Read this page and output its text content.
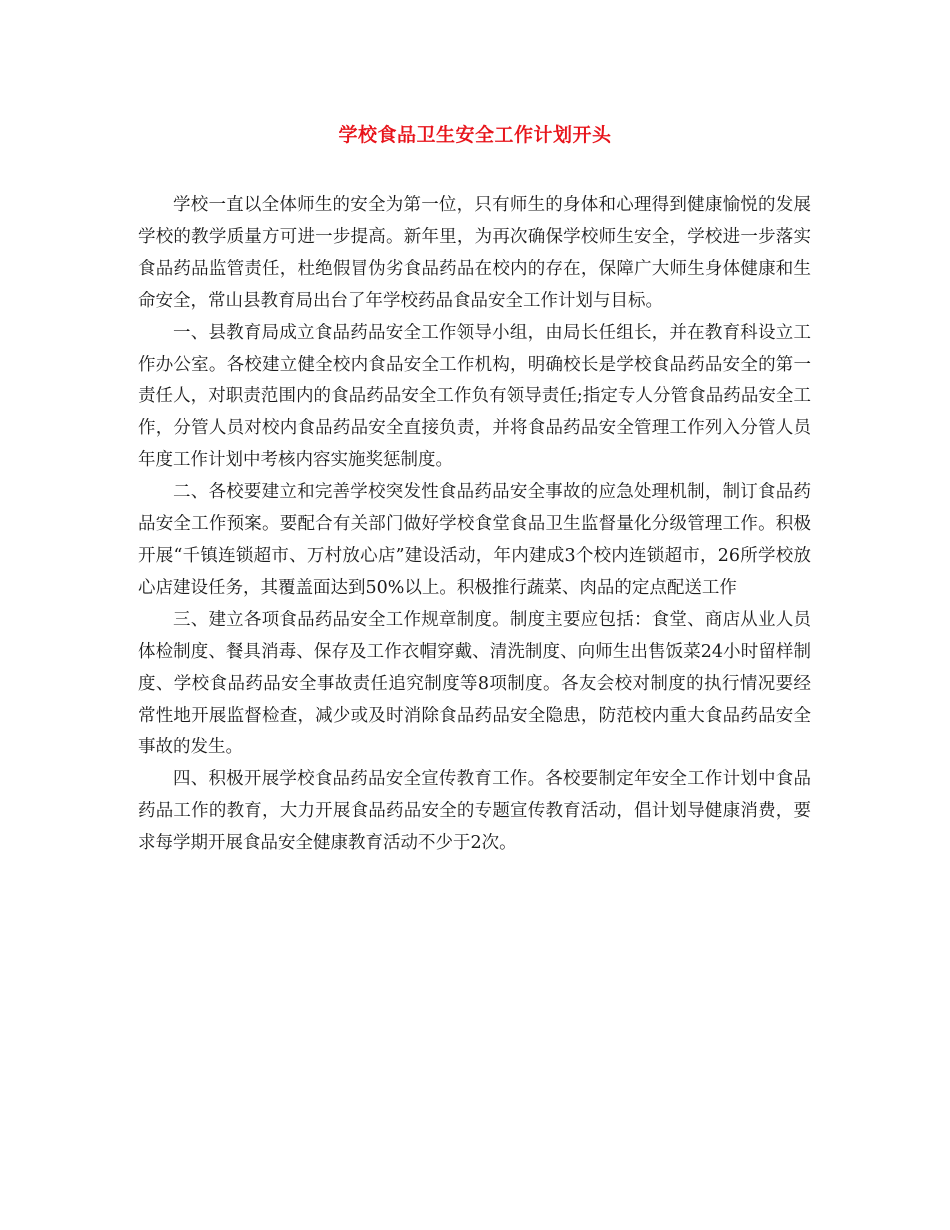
学校食品卫生安全工作计划开头

学校一直以全体师生的安全为第一位，只有师生的身体和心理得到健康愉悦的发展学校的教学质量方可进一步提高。新年里，为再次确保学校师生安全，学校进一步落实食品药品监管责任，杜绝假冒伪劣食品药品在校内的存在，保障广大师生身体健康和生命安全，常山县教育局出台了年学校药品食品安全工作计划与目标。

一、县教育局成立食品药品安全工作领导小组，由局长任组长，并在教育科设立工作办公室。各校建立健全校内食品安全工作机构，明确校长是学校食品药品安全的第一责任人，对职责范围内的食品药品安全工作负有领导责任;指定专人分管食品药品安全工作，分管人员对校内食品药品安全直接负责，并将食品药品安全管理工作列入分管人员年度工作计划中考核内容实施奖惩制度。

二、各校要建立和完善学校突发性食品药品安全事故的应急处理机制，制订食品药品安全工作预案。要配合有关部门做好学校食堂食品卫生监督量化分级管理工作。积极开展“千镇连锁超市、万村放心店”建设活动，年内建成3个校内连锁超市，26所学校放心店建设任务，其覆盖面达到50%以上。积极推行蔬菜、肉品的定点配送工作

三、建立各项食品药品安全工作规章制度。制度主要应包括：食堂、商店从业人员体检制度、餐具消毒、保存及工作衣帽穿戴、清洗制度、向师生出售饭菜24小时留样制度、学校食品药品安全事故责任追究制度等8项制度。各友会校对制度的执行情况要经常性地开展监督检查，减少或及时消除食品药品安全隐患，防范校内重大食品药品安全事故的发生。

四、积极开展学校食品药品安全宣传教育工作。各校要制定年安全工作计划中食品药品工作的教育，大力开展食品药品安全的专题宣传教育活动，倡计划导健康消费，要求每学期开展食品安全健康教育活动不少于2次。
